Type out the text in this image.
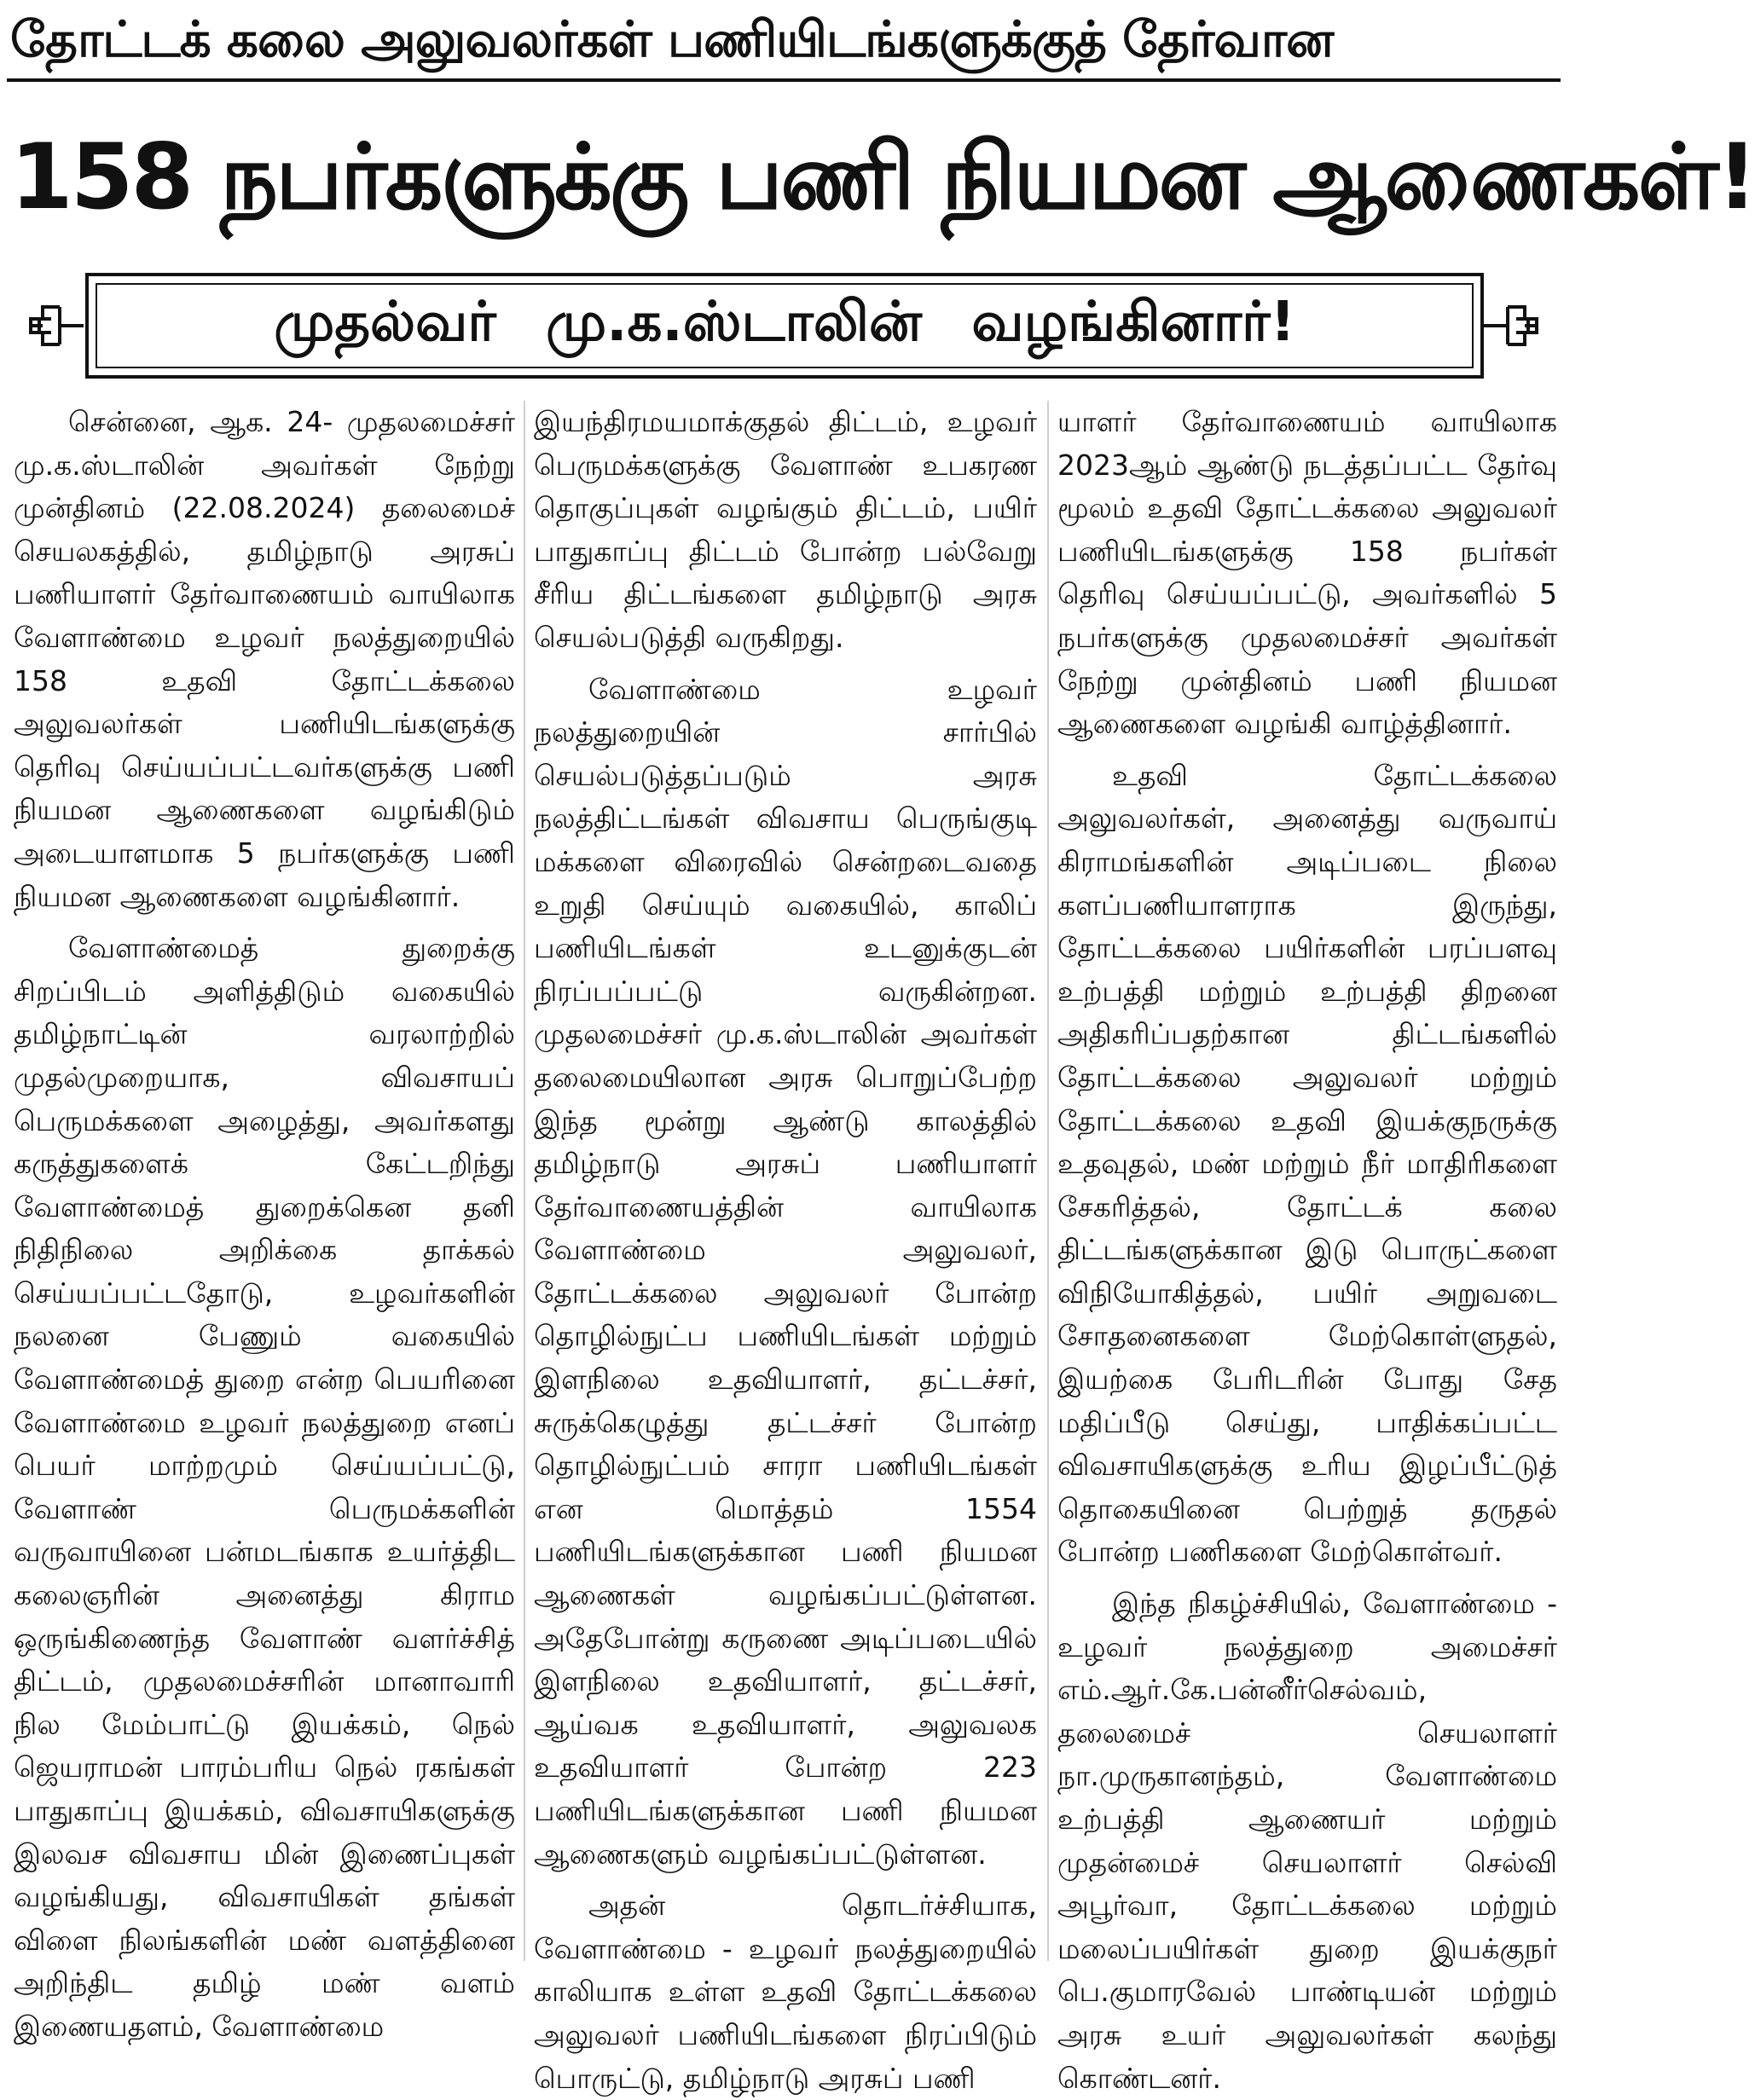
தோட்டக் கலை அலுவலர்கள் பணியிடங்களுக்குத் தேர்வான
158 நபர்களுக்கு பணி நியமன ஆணைகள்!
முதல்வர் மு.க.ஸ்டாலின் வழங்கினார்!

சென்னை, ஆக. 24- முதலமைச்சர் மு.க.ஸ்டாலின் அவர்கள் நேற்று முன்தினம் (22.08.2024) தலைமைச் செயலகத்தில், தமிழ்நாடு அரசுப் பணியாளர் தேர்வாணையம் வாயிலாக வேளாண்மை உழவர் நலத்துறையில் 158 உதவி தோட்டக்கலை அலுவலர்கள் பணியிடங்களுக்கு தெரிவு செய்யப்பட்டவர்களுக்கு பணி நியமன ஆணைகளை வழங்கிடும் அடையாளமாக 5 நபர்களுக்கு பணி நியமன ஆணைகளை வழங்கினார்.

வேளாண்மைத் துறைக்கு சிறப்பிடம் அளித்திடும் வகையில் தமிழ்நாட்டின் வரலாற்றில் முதல்முறையாக, விவசாயப் பெருமக்களை அழைத்து, அவர்களது கருத்துகளைக் கேட்டறிந்து வேளாண்மைத் துறைக்கென தனி நிதிநிலை அறிக்கை தாக்கல் செய்யப்பட்டதோடு, உழவர்களின் நலனை பேணும் வகையில் வேளாண்மைத் துறை என்ற பெயரினை வேளாண்மை உழவர் நலத்துறை எனப் பெயர் மாற்றமும் செய்யப்பட்டு, வேளாண் பெருமக்களின் வருவாயினை பன்மடங்காக உயர்த்திட கலைஞரின் அனைத்து கிராம ஒருங்கிணைந்த வேளாண் வளர்ச்சித் திட்டம், முதலமைச்சரின் மானாவாரி நில மேம்பாட்டு இயக்கம், நெல் ஜெயராமன் பாரம்பரிய நெல் ரகங்கள் பாதுகாப்பு இயக்கம், விவசாயிகளுக்கு இலவச விவசாய மின் இணைப்புகள் வழங்கியது, விவசாயிகள் தங்கள் விளை நிலங்களின் மண் வளத்தினை அறிந்திட தமிழ் மண் வளம் இணையதளம், வேளாண்மை

இயந்திரமயமாக்குதல் திட்டம், உழவர் பெருமக்களுக்கு வேளாண் உபகரண தொகுப்புகள் வழங்கும் திட்டம், பயிர் பாதுகாப்பு திட்டம் போன்ற பல்வேறு சீரிய திட்டங்களை தமிழ்நாடு அரசு செயல்படுத்தி வருகிறது.

வேளாண்மை உழவர் நலத்துறையின் சார்பில் செயல்படுத்தப்படும் அரசு நலத்திட்டங்கள் விவசாய பெருங்குடி மக்களை விரைவில் சென்றடைவதை உறுதி செய்யும் வகையில், காலிப் பணியிடங்கள் உடனுக்குடன் நிரப்பப்பட்டு வருகின்றன. முதலமைச்சர் மு.க.ஸ்டாலின் அவர்கள் தலைமையிலான அரசு பொறுப்பேற்ற இந்த மூன்று ஆண்டு காலத்தில் தமிழ்நாடு அரசுப் பணியாளர் தேர்வாணையத்தின் வாயிலாக வேளாண்மை அலுவலர், தோட்டக்கலை அலுவலர் போன்ற தொழில்நுட்ப பணியிடங்கள் மற்றும் இளநிலை உதவியாளர், தட்டச்சர், சுருக்கெழுத்து தட்டச்சர் போன்ற தொழில்நுட்பம் சாரா பணியிடங்கள் என மொத்தம் 1554 பணியிடங்களுக்கான பணி நியமன ஆணைகள் வழங்கப்பட்டுள்ளன. அதேபோன்று கருணை அடிப்படையில் இளநிலை உதவியாளர், தட்டச்சர், ஆய்வக உதவியாளர், அலுவலக உதவியாளர் போன்ற 223 பணியிடங்களுக்கான பணி நியமன ஆணைகளும் வழங்கப்பட்டுள்ளன.

அதன் தொடர்ச்சியாக, வேளாண்மை - உழவர் நலத்துறையில் காலியாக உள்ள உதவி தோட்டக்கலை அலுவலர் பணியிடங்களை நிரப்பிடும் பொருட்டு, தமிழ்நாடு அரசுப் பணி

யாளர் தேர்வாணையம் வாயிலாக 2023ஆம் ஆண்டு நடத்தப்பட்ட தேர்வு மூலம் உதவி தோட்டக்கலை அலுவலர் பணியிடங்களுக்கு 158 நபர்கள் தெரிவு செய்யப்பட்டு, அவர்களில் 5 நபர்களுக்கு முதலமைச்சர் அவர்கள் நேற்று முன்தினம் பணி நியமன ஆணைகளை வழங்கி வாழ்த்தினார்.

உதவி தோட்டக்கலை அலுவலர்கள், அனைத்து வருவாய் கிராமங்களின் அடிப்படை நிலை களப்பணியாளராக இருந்து, தோட்டக்கலை பயிர்களின் பரப்பளவு உற்பத்தி மற்றும் உற்பத்தி திறனை அதிகரிப்பதற்கான திட்டங்களில் தோட்டக்கலை அலுவலர் மற்றும் தோட்டக்கலை உதவி இயக்குநருக்கு உதவுதல், மண் மற்றும் நீர் மாதிரிகளை சேகரித்தல், தோட்டக் கலை திட்டங்களுக்கான இடு பொருட்களை விநியோகித்தல், பயிர் அறுவடை சோதனைகளை மேற்கொள்ளுதல், இயற்கை பேரிடரின் போது சேத மதிப்பீடு செய்து, பாதிக்கப்பட்ட விவசாயிகளுக்கு உரிய இழப்பீட்டுத் தொகையினை பெற்றுத் தருதல் போன்ற பணிகளை மேற்கொள்வர்.

இந்த நிகழ்ச்சியில், வேளாண்மை - உழவர் நலத்துறை அமைச்சர் எம்.ஆர்.கே.பன்னீர்செல்வம், தலைமைச் செயலாளர் நா.முருகானந்தம், வேளாண்மை உற்பத்தி ஆணையர் மற்றும் முதன்மைச் செயலாளர் செல்வி அபூர்வா, தோட்டக்கலை மற்றும் மலைப்பயிர்கள் துறை இயக்குநர் பெ.குமாரவேல் பாண்டியன் மற்றும் அரசு உயர் அலுவலர்கள் கலந்து கொண்டனர்.
